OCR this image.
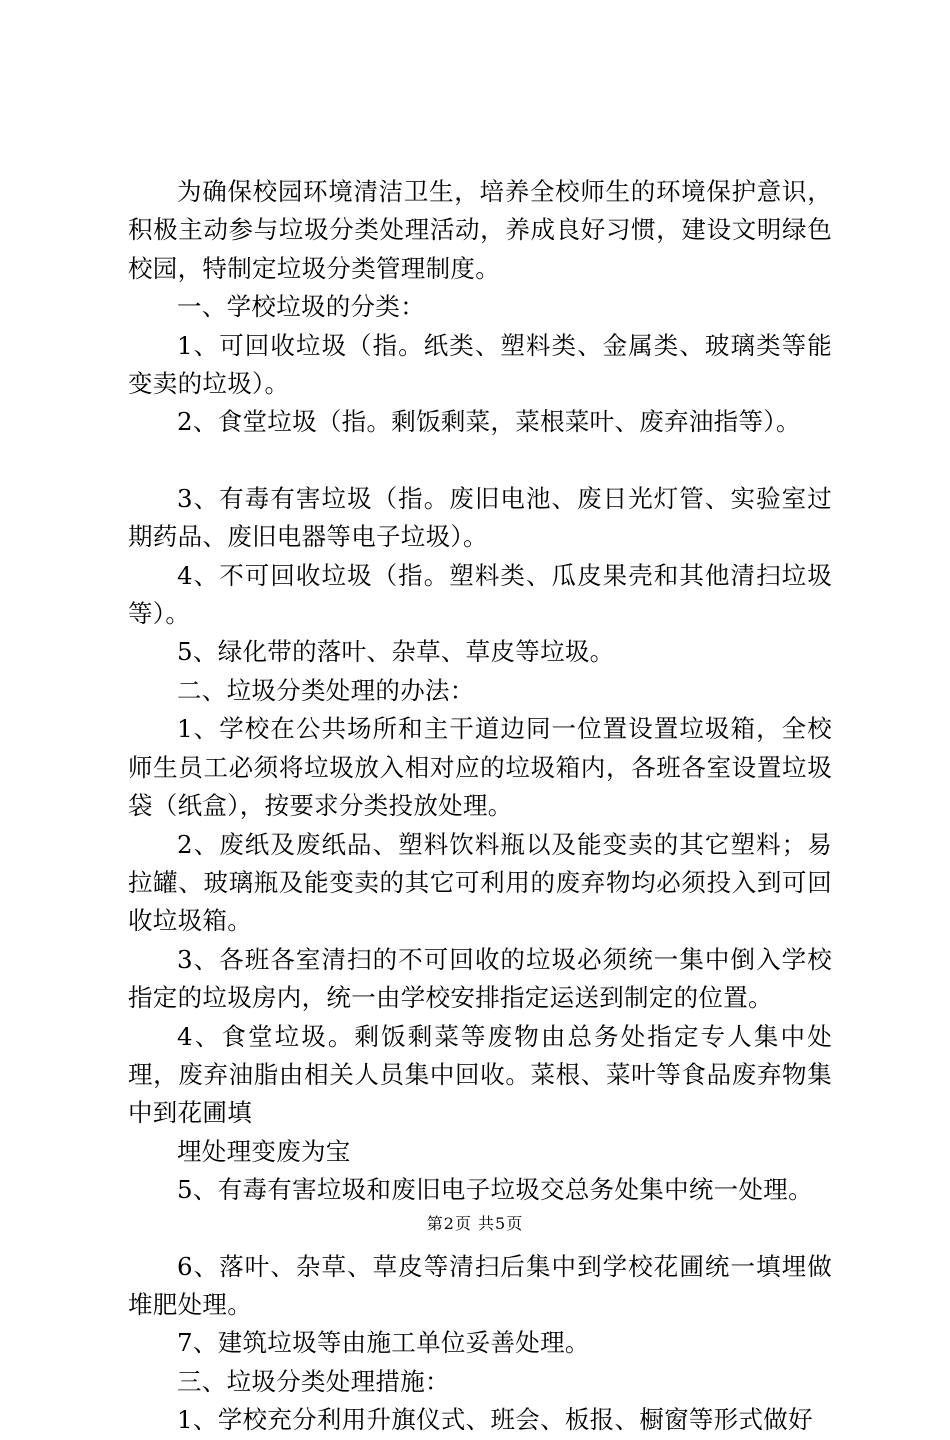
为确保校园环境清洁卫生，培养全校师生的环境保护意识，积极主动参与垃圾分类处理活动，养成良好习惯，建设文明绿色校园，特制定垃圾分类管理制度。

一、学校垃圾的分类：

1、可回收垃圾（指。纸类、塑料类、金属类、玻璃类等能变卖的垃圾）。

2、食堂垃圾（指。剩饭剩菜，菜根菜叶、废弃油指等）。

3、有毒有害垃圾（指。废旧电池、废日光灯管、实验室过期药品、废旧电器等电子垃圾）。

4、不可回收垃圾（指。塑料类、瓜皮果壳和其他清扫垃圾等）。

5、绿化带的落叶、杂草、草皮等垃圾。

二、垃圾分类处理的办法：

1、学校在公共场所和主干道边同一位置设置垃圾箱，全校师生员工必须将垃圾放入相对应的垃圾箱内，各班各室设置垃圾袋（纸盒），按要求分类投放处理。

2、废纸及废纸品、塑料饮料瓶以及能变卖的其它塑料；易拉罐、玻璃瓶及能变卖的其它可利用的废弃物均必须投入到可回收垃圾箱。

3、各班各室清扫的不可回收的垃圾必须统一集中倒入学校指定的垃圾房内，统一由学校安排指定运送到制定的位置。

4、食堂垃圾。剩饭剩菜等废物由总务处指定专人集中处理，废弃油脂由相关人员集中回收。菜根、菜叶等食品废弃物集中到花圃填

埋处理变废为宝

5、有毒有害垃圾和废旧电子垃圾交总务处集中统一处理。

6、落叶、杂草、草皮等清扫后集中到学校花圃统一填埋做堆肥处理。

7、建筑垃圾等由施工单位妥善处理。

三、垃圾分类处理措施：

1、学校充分利用升旗仪式、班会、板报、橱窗等形式做好

第2页 共5页
